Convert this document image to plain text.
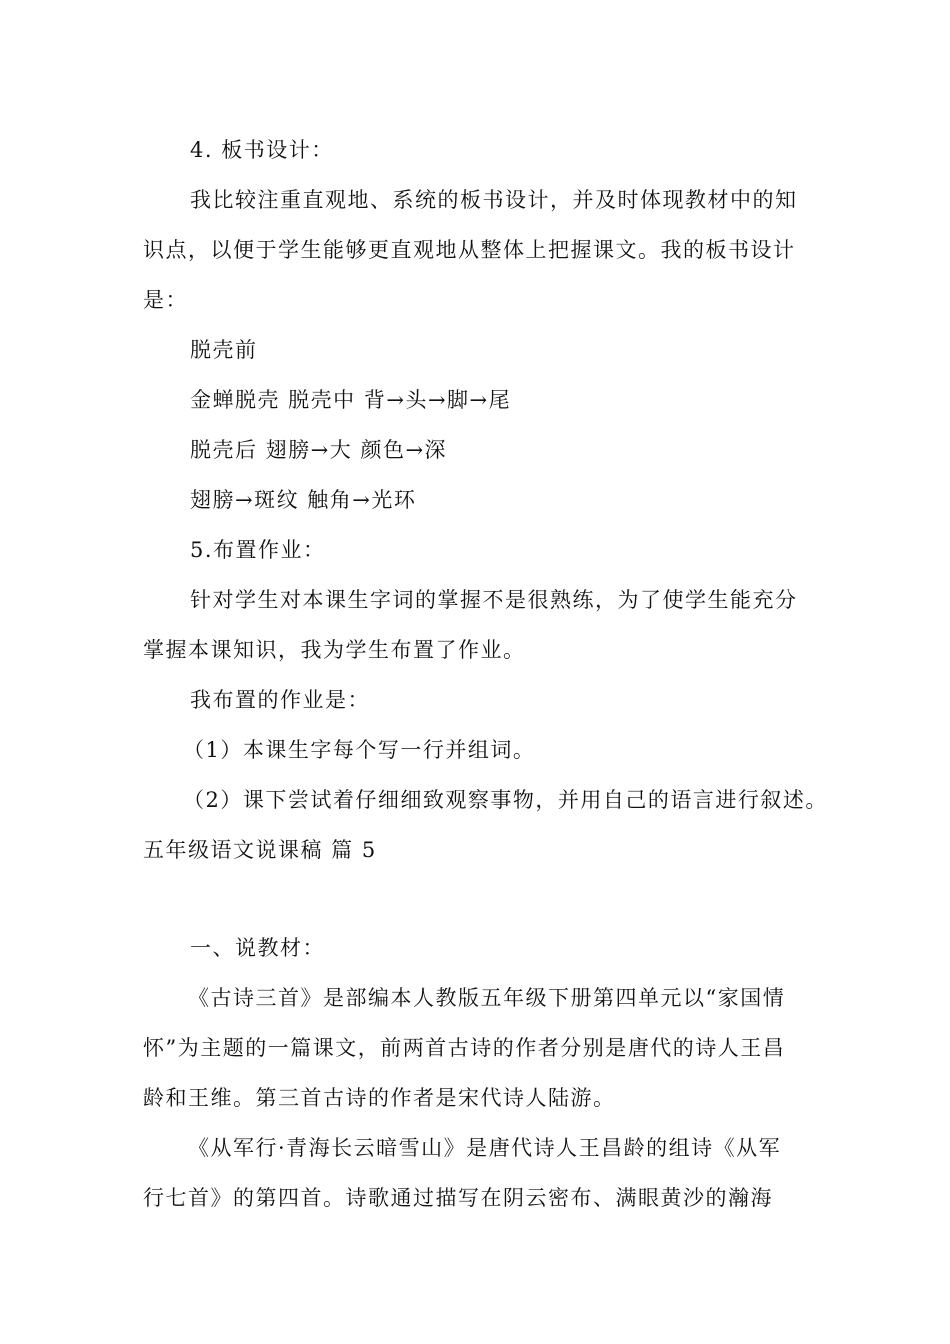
4. 板书设计：
我比较注重直观地、系统的板书设计，并及时体现教材中的知
识点，以便于学生能够更直观地从整体上把握课文。我的板书设计
是：
脱壳前
金蝉脱壳 脱壳中 背→头→脚→尾
脱壳后 翅膀→大 颜色→深
翅膀→斑纹 触角→光环
5.布置作业：
针对学生对本课生字词的掌握不是很熟练，为了使学生能充分
掌握本课知识，我为学生布置了作业。
我布置的作业是：
（1）本课生字每个写一行并组词。
（2）课下尝试着仔细细致观察事物，并用自己的语言进行叙述。
五年级语文说课稿 篇 5
一、说教材：
《古诗三首》是部编本人教版五年级下册第四单元以“家国情
怀”为主题的一篇课文，前两首古诗的作者分别是唐代的诗人王昌
龄和王维。第三首古诗的作者是宋代诗人陆游。
《从军行·青海长云暗雪山》是唐代诗人王昌龄的组诗《从军
行七首》的第四首。诗歌通过描写在阴云密布、满眼黄沙的瀚海
